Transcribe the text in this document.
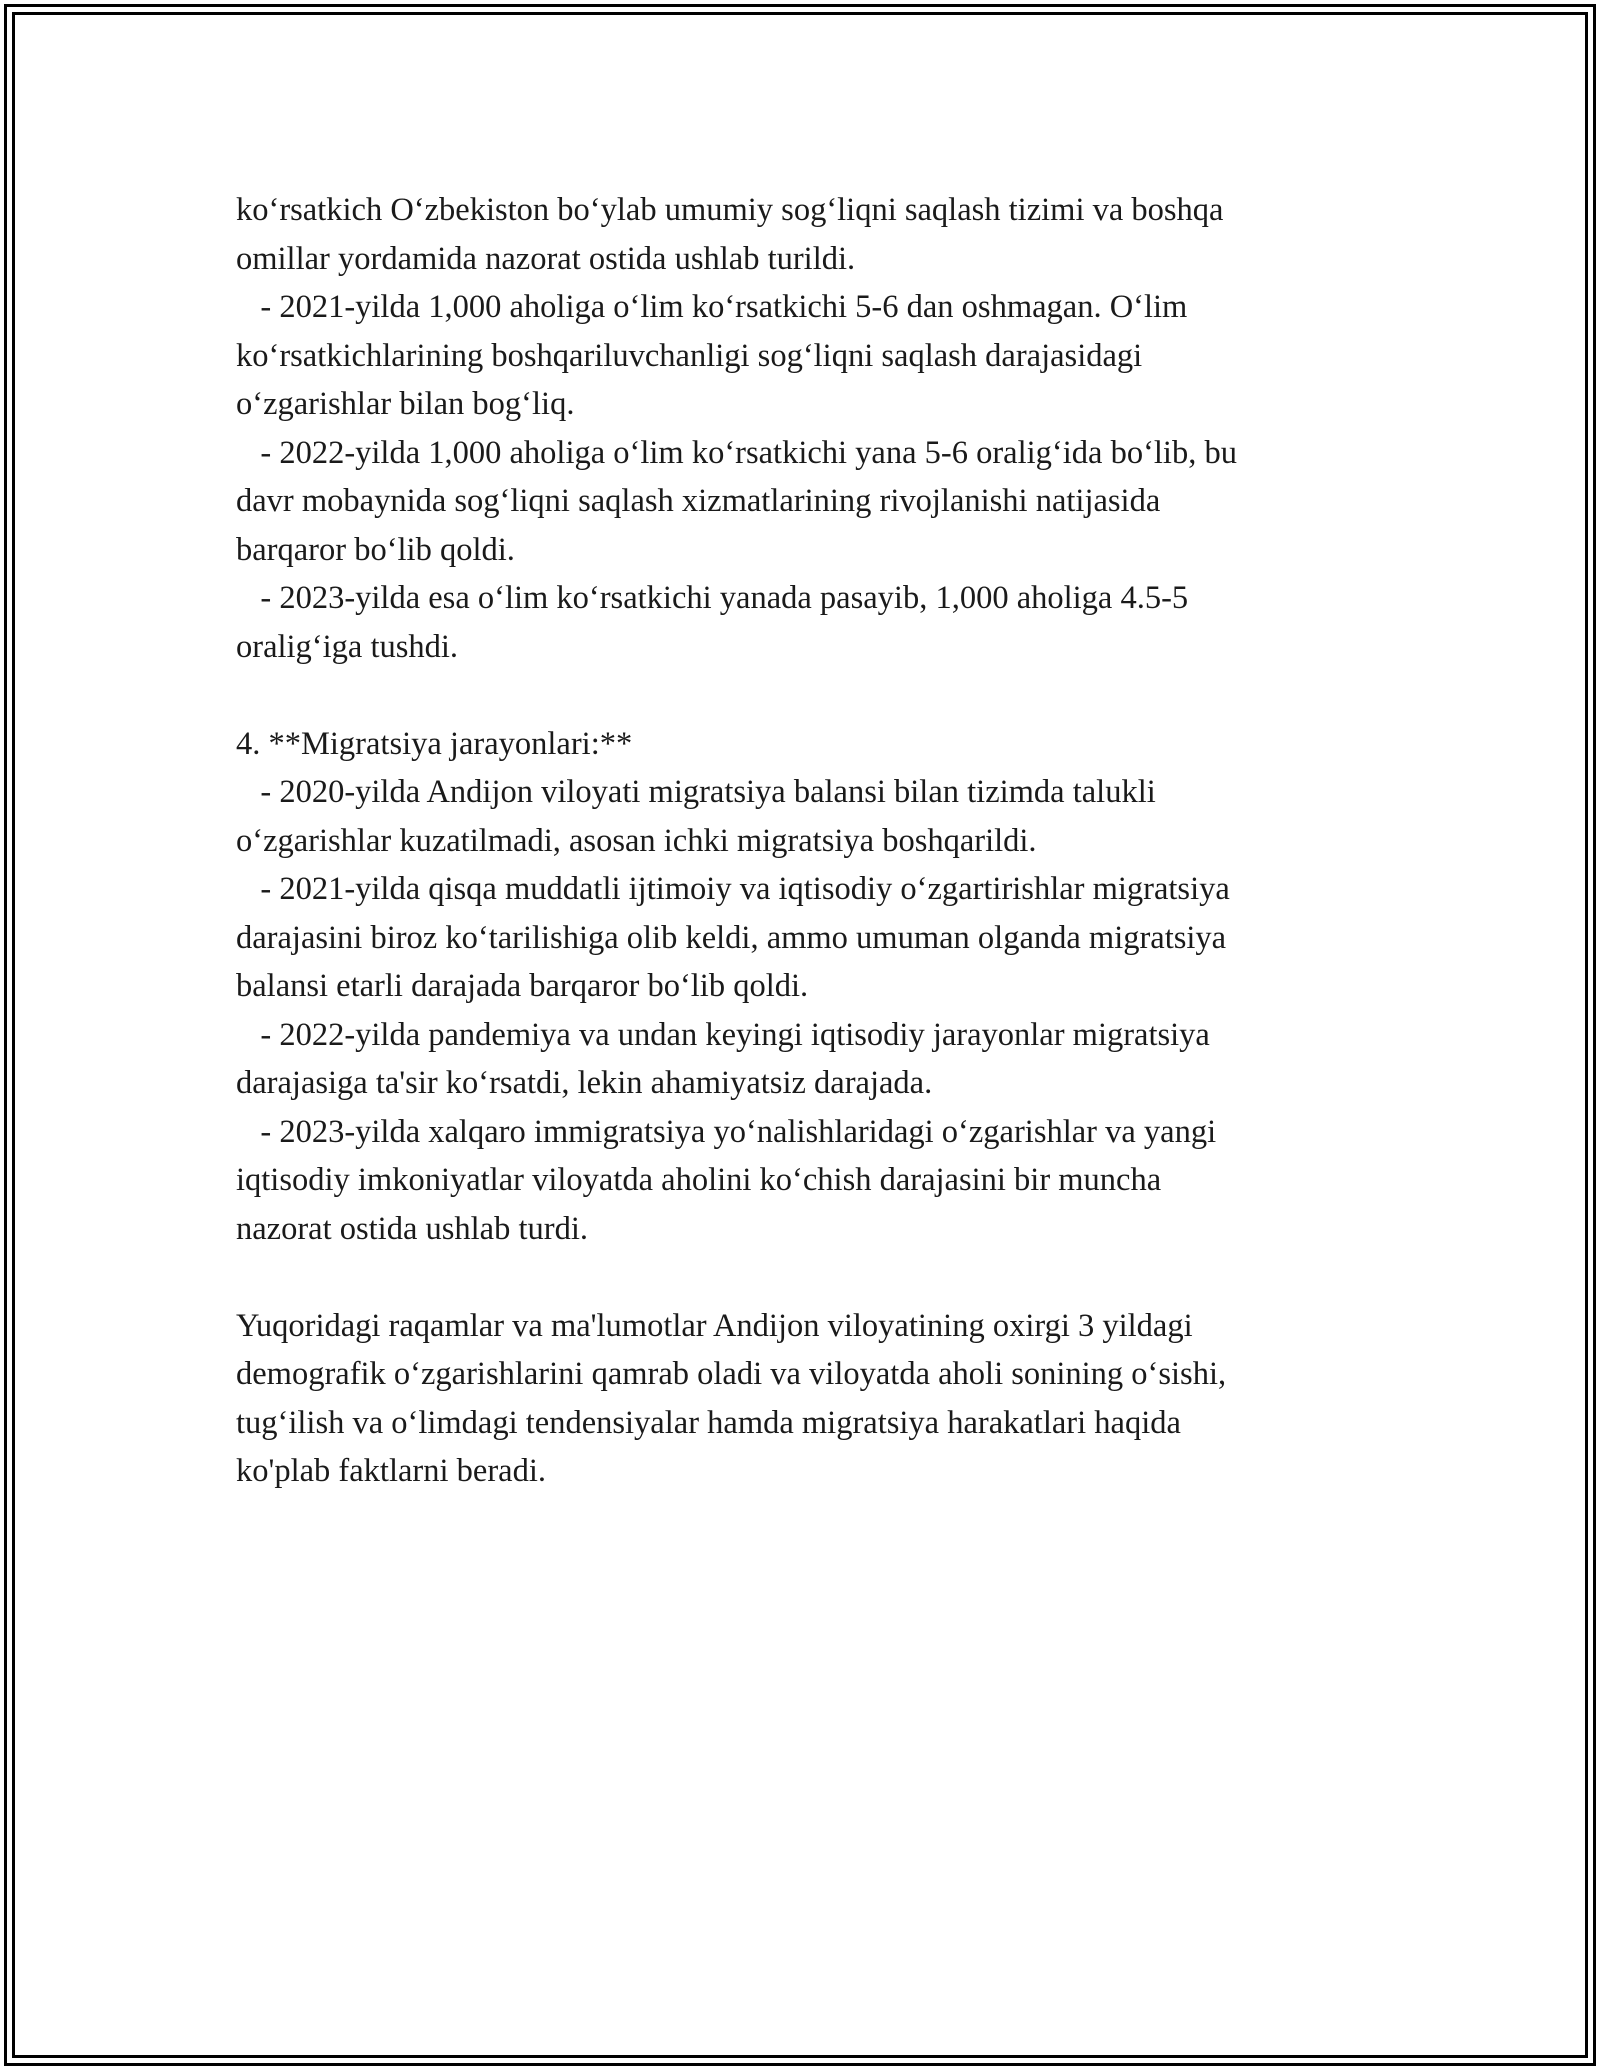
ko‘rsatkich O‘zbekiston bo‘ylab umumiy sog‘liqni saqlash tizimi va boshqa
omillar yordamida nazorat ostida ushlab turildi.
- 2021-yilda 1,000 aholiga o‘lim ko‘rsatkichi 5-6 dan oshmagan. O‘lim
ko‘rsatkichlarining boshqariluvchanligi sog‘liqni saqlash darajasidagi
o‘zgarishlar bilan bog‘liq.
- 2022-yilda 1,000 aholiga o‘lim ko‘rsatkichi yana 5-6 oralig‘ida bo‘lib, bu
davr mobaynida sog‘liqni saqlash xizmatlarining rivojlanishi natijasida
barqaror bo‘lib qoldi.
- 2023-yilda esa o‘lim ko‘rsatkichi yanada pasayib, 1,000 aholiga 4.5-5
oralig‘iga tushdi.
4. **Migratsiya jarayonlari:**
- 2020-yilda Andijon viloyati migratsiya balansi bilan tizimda talukli
o‘zgarishlar kuzatilmadi, asosan ichki migratsiya boshqarildi.
- 2021-yilda qisqa muddatli ijtimoiy va iqtisodiy o‘zgartirishlar migratsiya
darajasini biroz ko‘tarilishiga olib keldi, ammo umuman olganda migratsiya
balansi etarli darajada barqaror bo‘lib qoldi.
- 2022-yilda pandemiya va undan keyingi iqtisodiy jarayonlar migratsiya
darajasiga ta'sir ko‘rsatdi, lekin ahamiyatsiz darajada.
- 2023-yilda xalqaro immigratsiya yo‘nalishlaridagi o‘zgarishlar va yangi
iqtisodiy imkoniyatlar viloyatda aholini ko‘chish darajasini bir muncha
nazorat ostida ushlab turdi.
Yuqoridagi raqamlar va ma'lumotlar Andijon viloyatining oxirgi 3 yildagi
demografik o‘zgarishlarini qamrab oladi va viloyatda aholi sonining o‘sishi,
tug‘ilish va o‘limdagi tendensiyalar hamda migratsiya harakatlari haqida
ko'plab faktlarni beradi.
